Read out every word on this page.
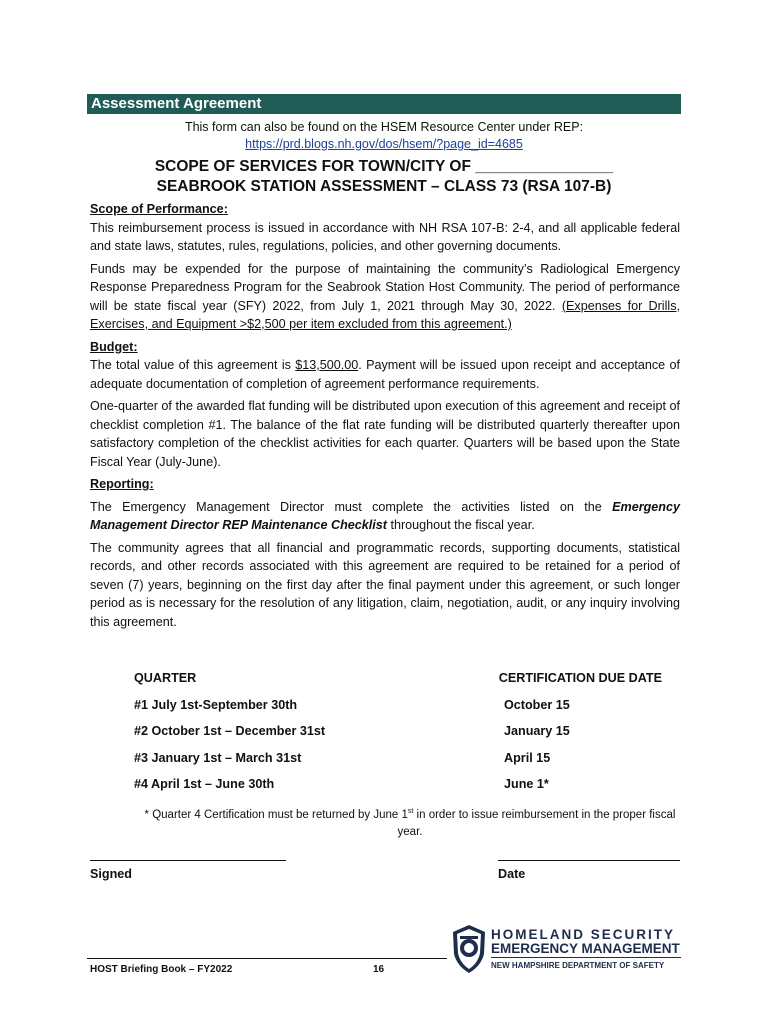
Assessment Agreement
This form can also be found on the HSEM Resource Center under REP:
https://prd.blogs.nh.gov/dos/hsem/?page_id=4685
SCOPE OF SERVICES FOR TOWN/CITY OF ________________
SEABROOK STATION ASSESSMENT – CLASS 73 (RSA 107-B)

Scope of Performance:

This reimbursement process is issued in accordance with NH RSA 107-B: 2-4, and all applicable federal and state laws, statutes, rules, regulations, policies, and other governing documents.

Funds may be expended for the purpose of maintaining the community’s Radiological Emergency Response Preparedness Program for the Seabrook Station Host Community. The period of performance will be state fiscal year (SFY) 2022, from July 1, 2021 through May 30, 2022. (Expenses for Drills, Exercises, and Equipment >$2,500 per item excluded from this agreement.)

Budget:

The total value of this agreement is $13,500.00. Payment will be issued upon receipt and acceptance of adequate documentation of completion of agreement performance requirements.

One-quarter of the awarded flat funding will be distributed upon execution of this agreement and receipt of checklist completion #1. The balance of the flat rate funding will be distributed quarterly thereafter upon satisfactory completion of the checklist activities for each quarter. Quarters will be based upon the State Fiscal Year (July-June).

Reporting:

The Emergency Management Director must complete the activities listed on the Emergency Management Director REP Maintenance Checklist throughout the fiscal year.

The community agrees that all financial and programmatic records, supporting documents, statistical records, and other records associated with this agreement are required to be retained for a period of seven (7) years, beginning on the first day after the final payment under this agreement, or such longer period as is necessary for the resolution of any litigation, claim, negotiation, audit, or any inquiry involving this agreement.

QUARTER	CERTIFICATION DUE DATE
#1 July 1st-September 30th	October 15
#2 October 1st – December 31st	January 15
#3 January 1st – March 31st	April 15
#4 April 1st – June 30th	June 1*
* Quarter 4 Certification must be returned by June 1st in order to issue reimbursement in the proper fiscal year.
Signed	Date
HOST Briefing Book – FY2022	16
HOMELAND SECURITY
EMERGENCY MANAGEMENT
NEW HAMPSHIRE DEPARTMENT OF SAFETY
